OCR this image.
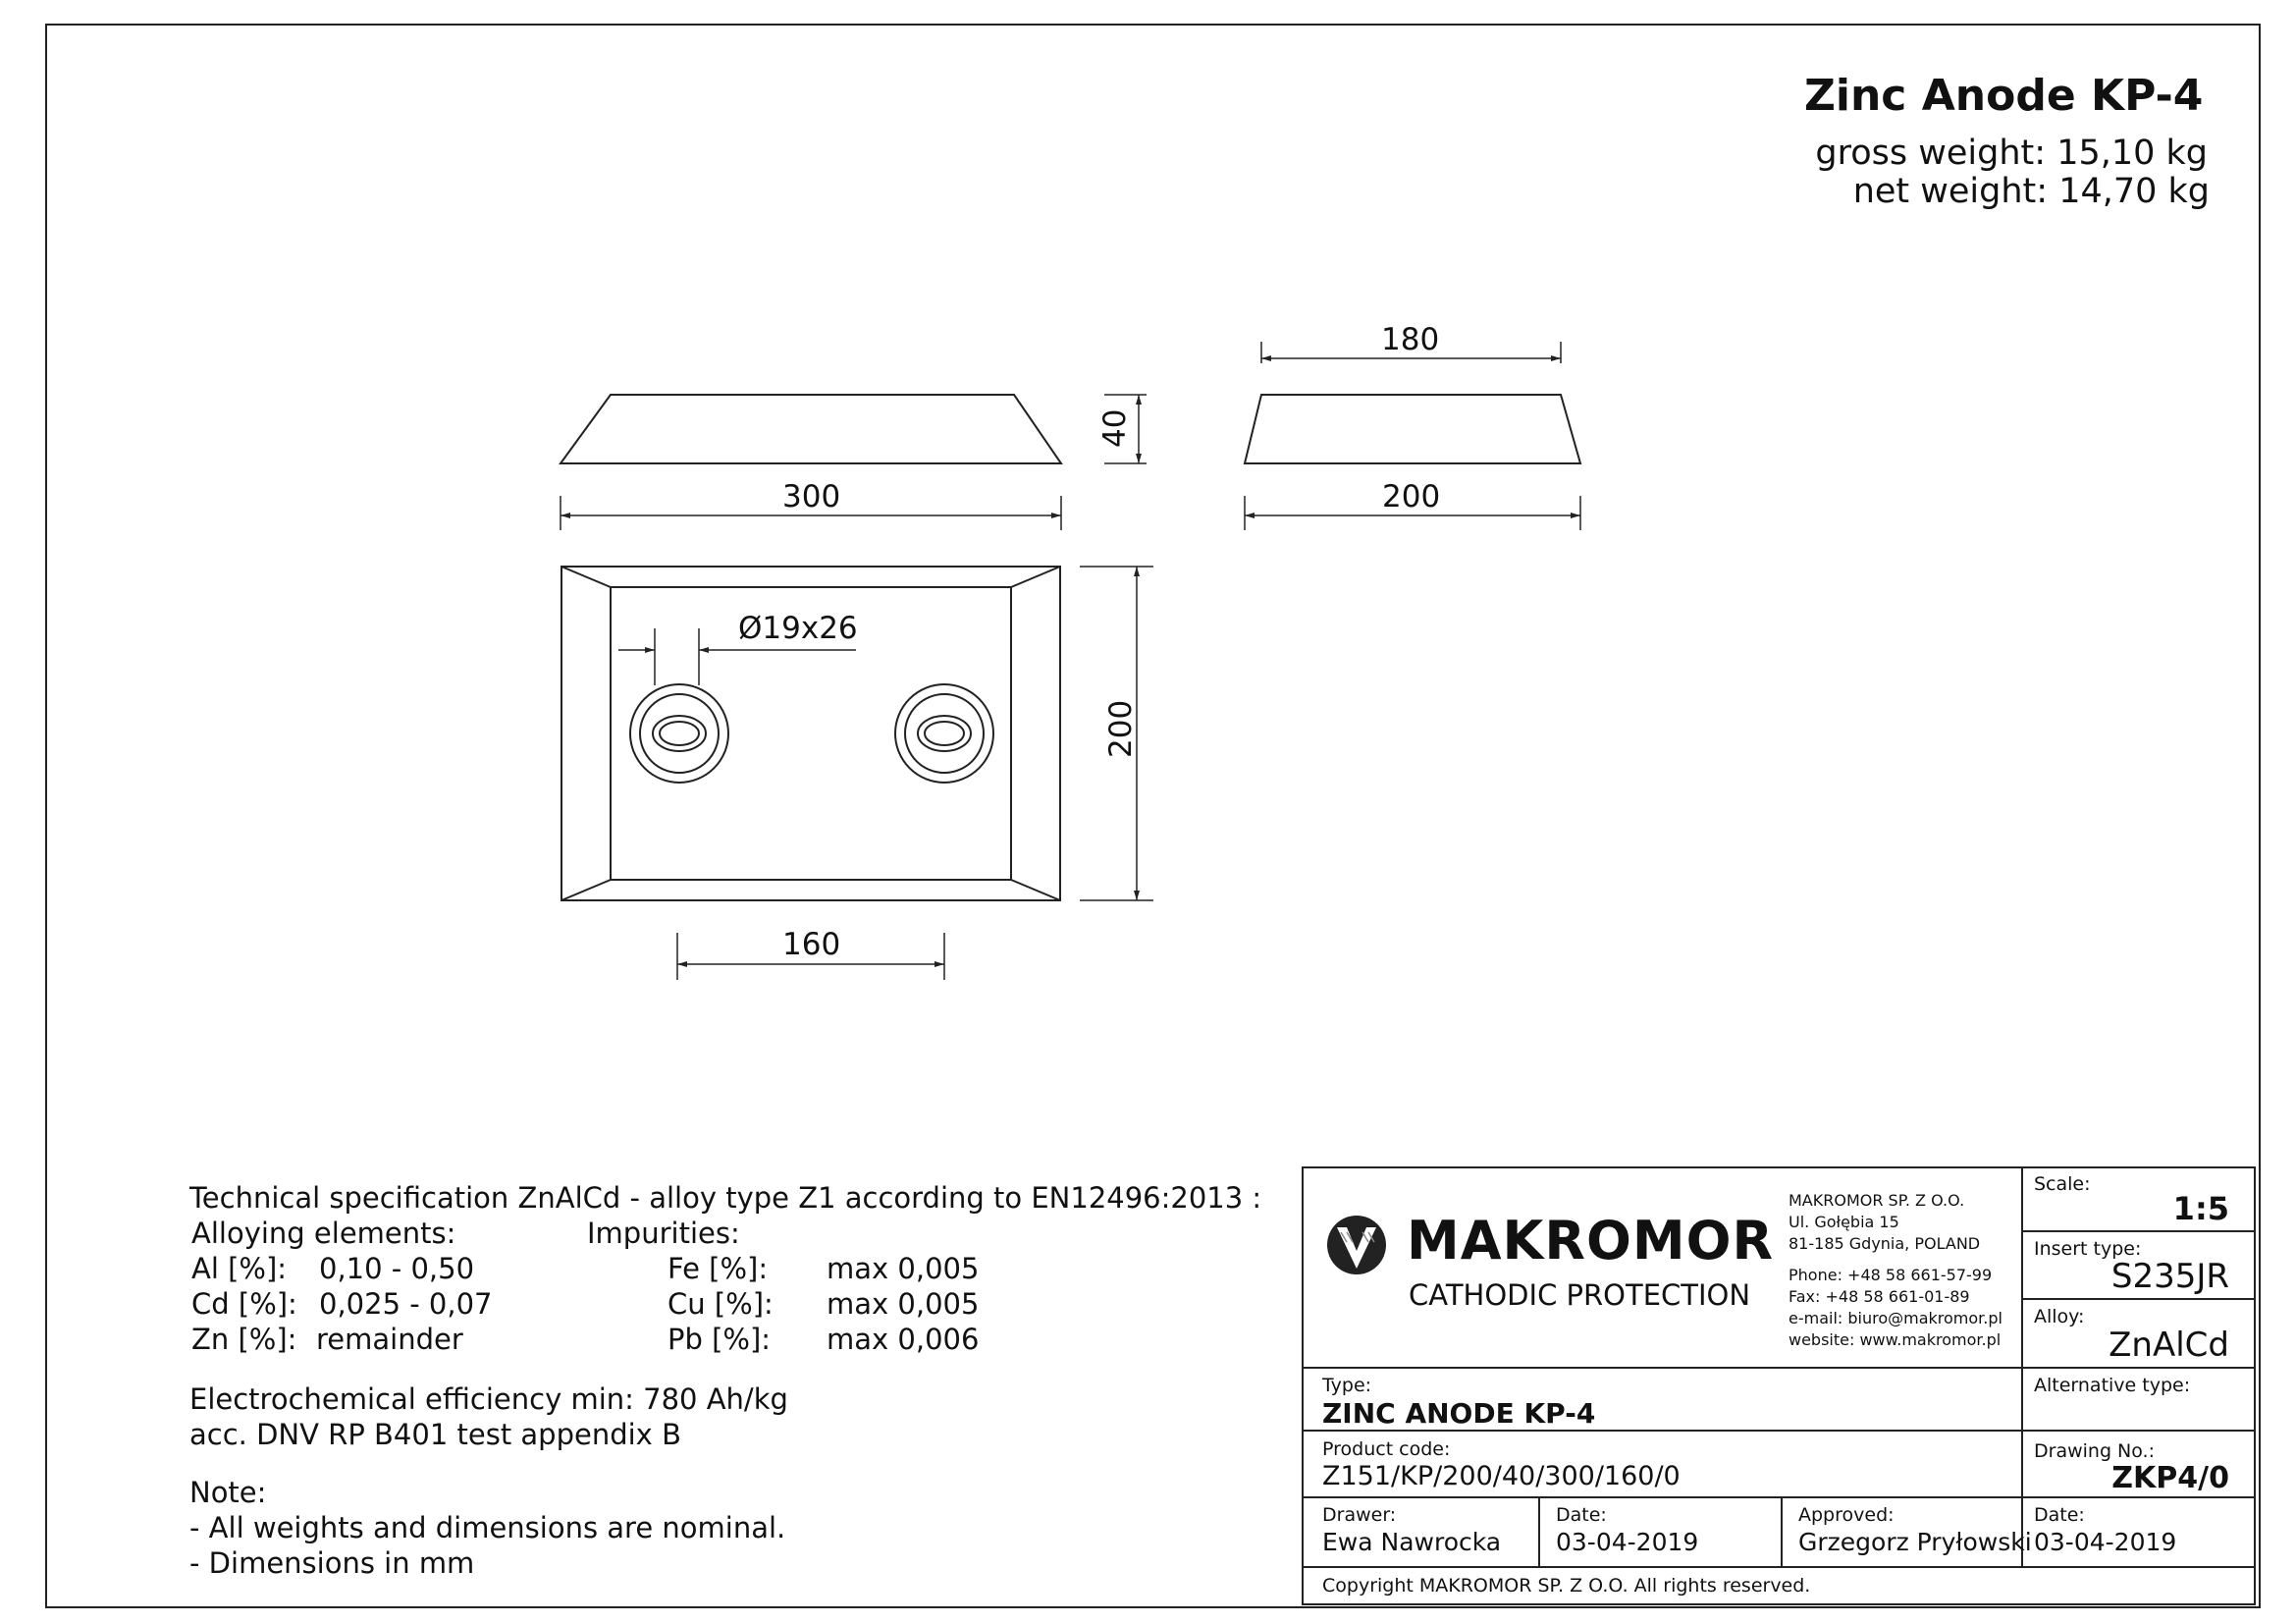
Zinc Anode KP-4
gross weight: 15,10 kg
net weight: 14,70 kg
180
40
300	200
Ø19x26
200
160
Technical specification ZnAlCd - alloy type Z1 according to EN12496:2013 :
Alloying elements:	Impurities:
Al [%]: 0,10 - 0,50
Cd [%]: 0,025 - 0,07
Zn [%]: remainder
Fe [%]: max 0,005
Cu [%]: max 0,005
Pb [%]: max 0,006
Electrochemical efficiency min: 780 Ah/kg
acc. DNV RP B401 test appendix B
Note:
- All weights and dimensions are nominal.
- Dimensions in mm
MAKROMOR
CATHODIC PROTECTION
MAKROMOR SP. Z O.O.
Ul. Gołębia 15
81-185 Gdynia, POLAND
Phone: +48 58 661-57-99
Fax: +48 58 661-01-89
e-mail: biuro@makromor.pl
website: www.makromor.pl
Scale:
1:5
Insert type:
S235JR
Alloy:
ZnAlCd
Type:
ZINC ANODE KP-4
Alternative type:
Product code:
Z151/KP/200/40/300/160/0
Drawing No.:
ZKP4/0
Drawer:
Ewa Nawrocka
Date:
03-04-2019
Approved:
Grzegorz Pryłowski
Date:
03-04-2019
Copyright MAKROMOR SP. Z O.O. All rights reserved.
